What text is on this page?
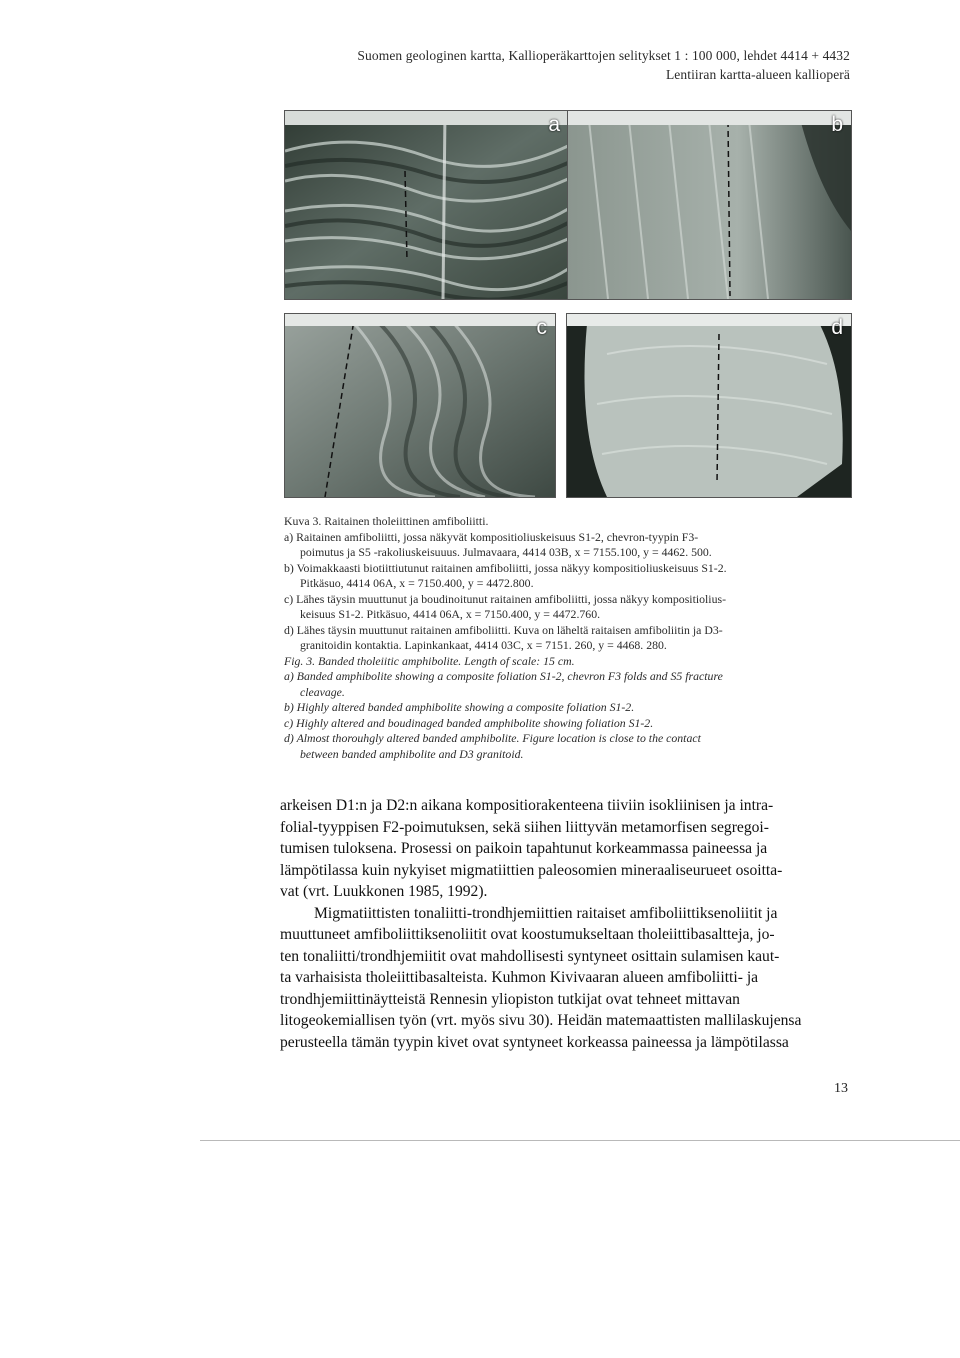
Suomen geologinen kartta, Kallioperäkarttojen selitykset 1 : 100 000, lehdet 4414 + 4432
Lentiiran kartta-alueen kallioperä
a	b
c	d
Kuva 3. Raitainen tholeiittinen amfiboliitti.
a) Raitainen amfiboliitti, jossa näkyvät kompositioliuskeisuus S1-2, chevron-tyypin F3-
poimutus ja S5 -rakoliuskeisuuus. Julmavaara, 4414 03B, x = 7155.100, y = 4462. 500.
b) Voimakkaasti biotiittiutunut raitainen amfiboliitti, jossa näkyy kompositioliuskeisuus S1-2.
Pitkäsuo, 4414 06A, x = 7150.400, y = 4472.800.
c) Lähes täysin muuttunut ja boudinoitunut raitainen amfiboliitti, jossa näkyy kompositiolius-
keisuus S1-2. Pitkäsuo, 4414 06A, x = 7150.400, y = 4472.760.
d) Lähes täysin muuttunut raitainen amfiboliitti. Kuva on läheltä raitaisen amfiboliitin ja D3-
granitoidin kontaktia. Lapinkankaat, 4414 03C, x = 7151. 260, y = 4468. 280.
Fig. 3. Banded tholeiitic amphibolite. Length of scale: 15 cm.
a) Banded amphibolite showing a composite foliation S1-2, chevron F3 folds and S5 fracture
cleavage.
b) Highly altered banded amphibolite showing a composite foliation S1-2.
c) Highly altered and boudinaged banded amphibolite showing foliation S1-2.
d) Almost thorouhgly altered banded amphibolite. Figure location is close to the contact
between banded amphibolite and D3 granitoid.
arkeisen D1:n ja D2:n aikana kompositiorakenteena tiiviin isokliinisen ja intra-
folial-tyyppisen F2-poimutuksen, sekä siihen liittyvän metamorfisen segregoi-
tumisen tuloksena. Prosessi on paikoin tapahtunut korkeammassa paineessa ja
lämpötilassa kuin nykyiset migmatiittien paleosomien mineraaliseurueet osoitta-
vat (vrt. Luukkonen 1985, 1992).
Migmatiittisten tonaliitti-trondhjemiittien raitaiset amfiboliittiksenoliitit ja
muuttuneet amfiboliittiksenoliitit ovat koostumukseltaan tholeiittibasaltteja, jo-
ten tonaliitti/trondhjemiitit ovat mahdollisesti syntyneet osittain sulamisen kaut-
ta varhaisista tholeiittibasalteista. Kuhmon Kivivaaran alueen amfiboliitti- ja
trondhjemiittinäytteistä Rennesin yliopiston tutkijat ovat tehneet mittavan
litogeokemiallisen työn (vrt. myös sivu 30). Heidän matemaattisten mallilaskujensa
perusteella tämän tyypin kivet ovat syntyneet korkeassa paineessa ja lämpötilassa
13
